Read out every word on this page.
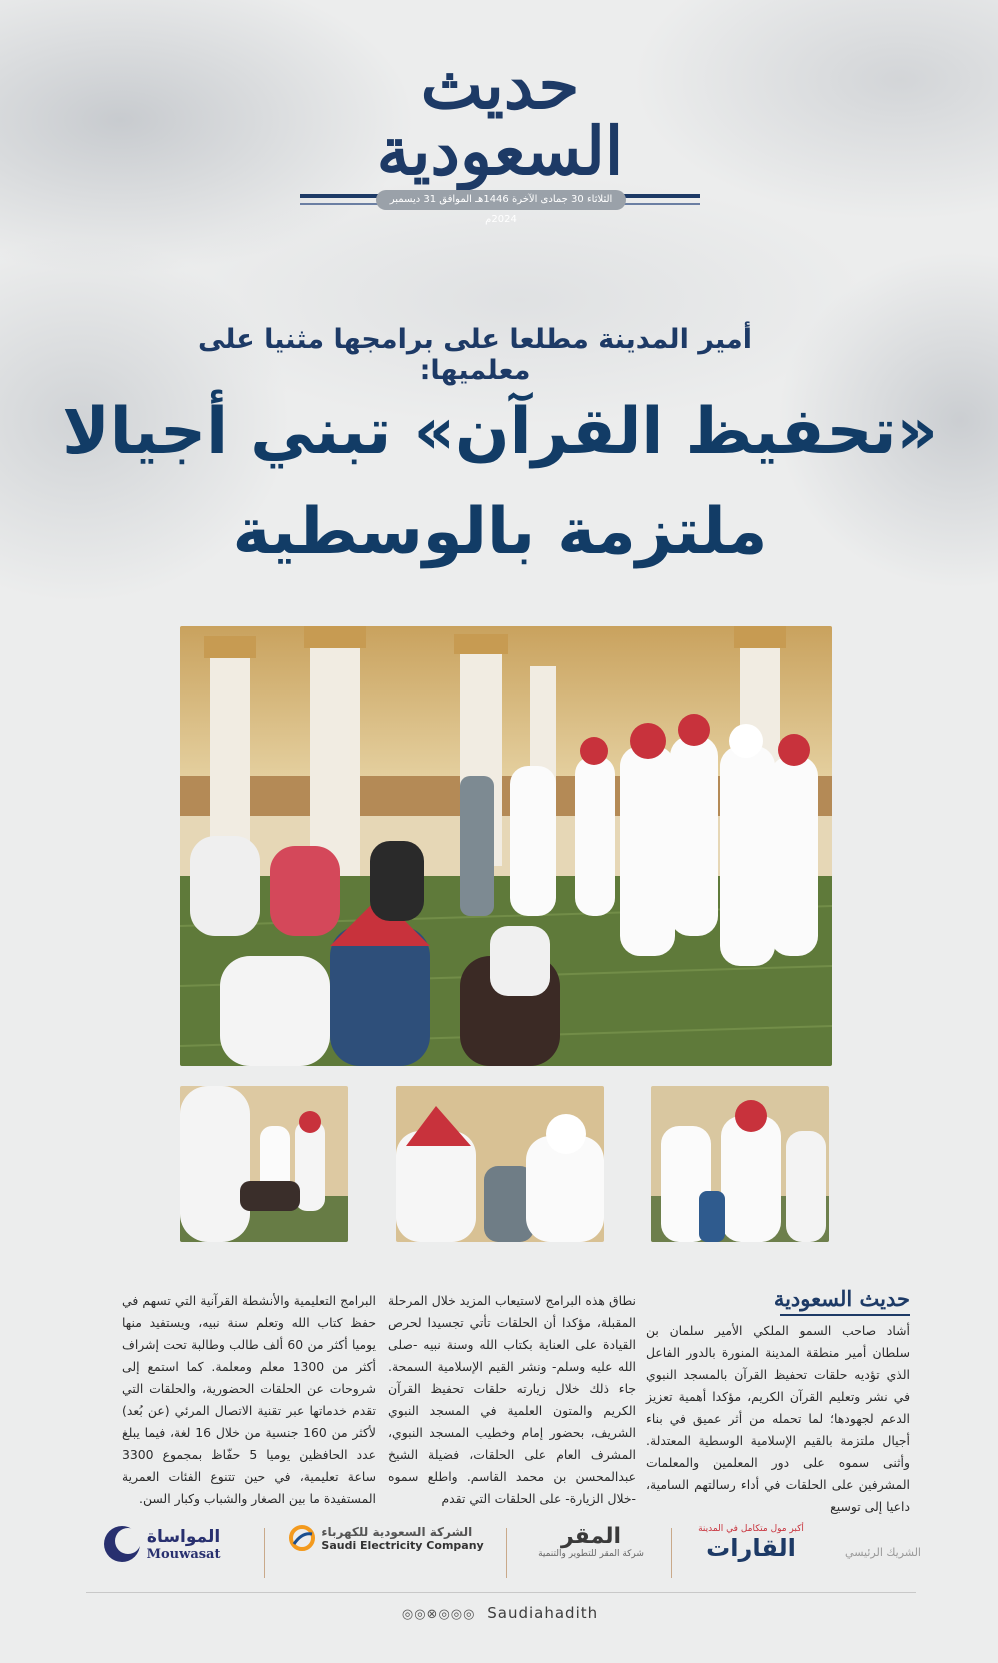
حديث السعودية
الثلاثاء 30 جمادى الآخرة 1446هـ الموافق 31 ديسمبر 2024م
أمير المدينة مطلعا على برامجها مثنيا على معلميها:
«تحفيظ القرآن» تبني أجيالا
ملتزمة بالوسطية
حديث السعودية

أشاد صاحب السمو الملكي الأمير سلمان بن سلطان أمير منطقة المدينة المنورة بالدور الفاعل الذي تؤديه حلقات تحفيظ القرآن بالمسجد النبوي في نشر وتعليم القرآن الكريم، مؤكدا أهمية تعزيز الدعم لجهودها؛ لما تحمله من أثر عميق في بناء أجيال ملتزمة بالقيم الإسلامية الوسطية المعتدلة. وأثنى سموه على دور المعلمين والمعلمات المشرفين على الحلقات في أداء رسالتهم السامية، داعيا إلى توسيع

نطاق هذه البرامج لاستيعاب المزيد خلال المرحلة المقبلة، مؤكدا أن الحلقات تأتي تجسيدا لحرص القيادة على العناية بكتاب الله وسنة نبيه -صلى الله عليه وسلم- ونشر القيم الإسلامية السمحة. جاء ذلك خلال زيارته حلقات تحفيظ القرآن الكريم والمتون العلمية في المسجد النبوي الشريف، بحضور إمام وخطيب المسجد النبوي، المشرف العام على الحلقات، فضيلة الشيخ عبدالمحسن بن محمد القاسم. واطلع سموه -خلال الزيارة- على الحلقات التي تقدم

البرامج التعليمية والأنشطة القرآنية التي تسهم في حفظ كتاب الله وتعلم سنة نبيه، ويستفيد منها يوميا أكثر من 60 ألف طالب وطالبة تحت إشراف أكثر من 1300 معلم ومعلمة. كما استمع إلى شروحات عن الحلقات الحضورية، والحلقات التي تقدم خدماتها عبر تقنية الاتصال المرئي (عن بُعد) لأكثر من 160 جنسية من خلال 16 لغة، فيما يبلغ عدد الحافظين يوميا 5 حفّاظ بمجموع 3300 ساعة تعليمية، في حين تتنوع الفئات العمرية المستفيدة ما بين الصغار والشباب وكبار السن.

الشريك الرئيسي
أكبر مول متكامل في المدينة
القارات
المقر
شركة المقر للتطوير والتنمية

الشركة السعودية للكهرباء
Saudi Electricity Company

المواساة
Mouwasat
◎◎⊗◎◎◎ Saudiahadith
